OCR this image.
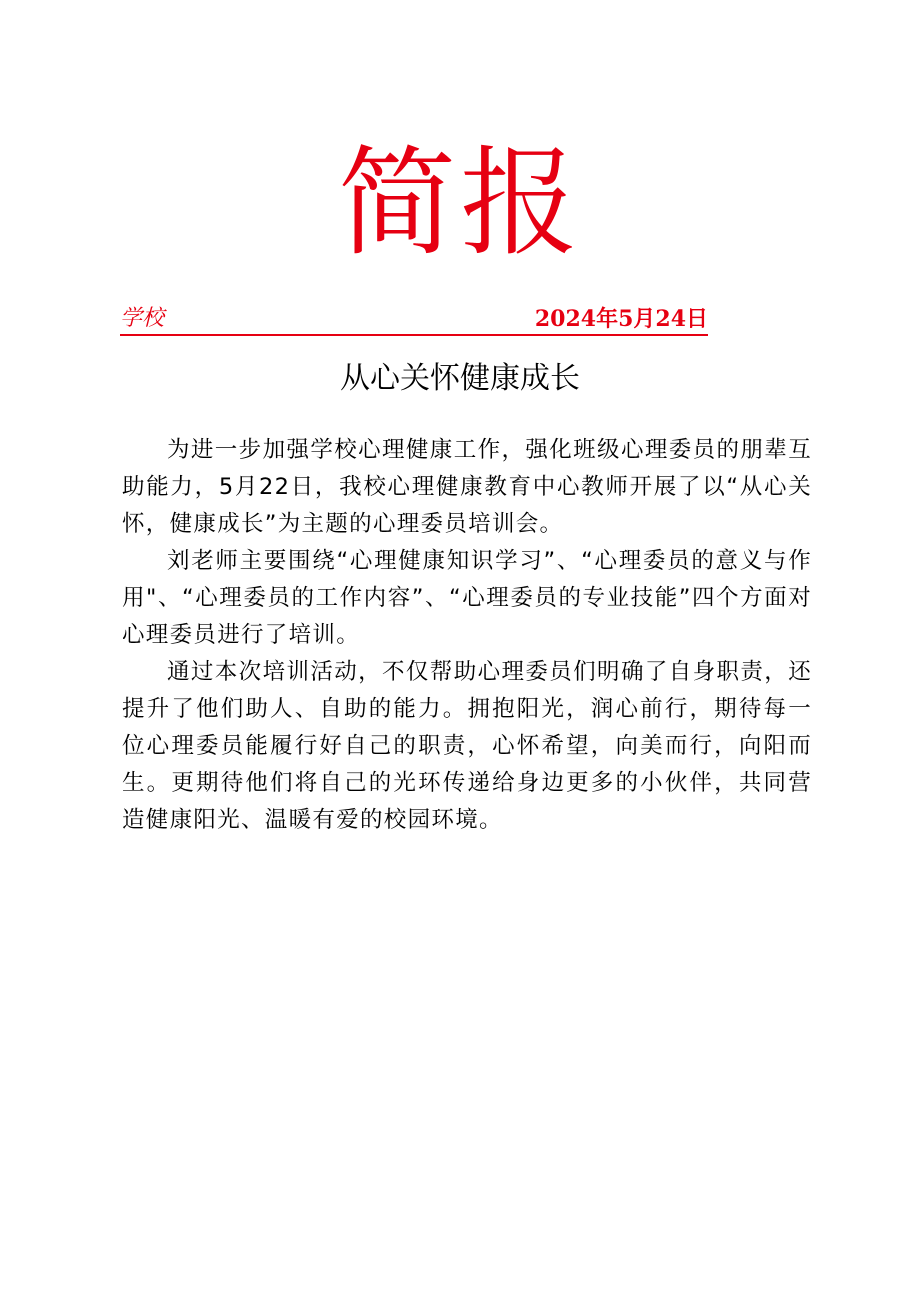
简报
学校	2024年5月24日
从心关怀健康成长

为进一步加强学校心理健康工作，强化班级心理委员的朋辈互助能力，5月22日，我校心理健康教育中心教师开展了以“从心关怀，健康成长”为主题的心理委员培训会。

刘老师主要围绕“心理健康知识学习”、“心理委员的意义与作用"、“心理委员的工作内容”、“心理委员的专业技能”四个方面对心理委员进行了培训。

通过本次培训活动，不仅帮助心理委员们明确了自身职责，还提升了他们助人、自助的能力。拥抱阳光，润心前行，期待每一位心理委员能履行好自己的职责，心怀希望，向美而行，向阳而生。更期待他们将自己的光环传递给身边更多的小伙伴，共同营造健康阳光、温暖有爱的校园环境。
